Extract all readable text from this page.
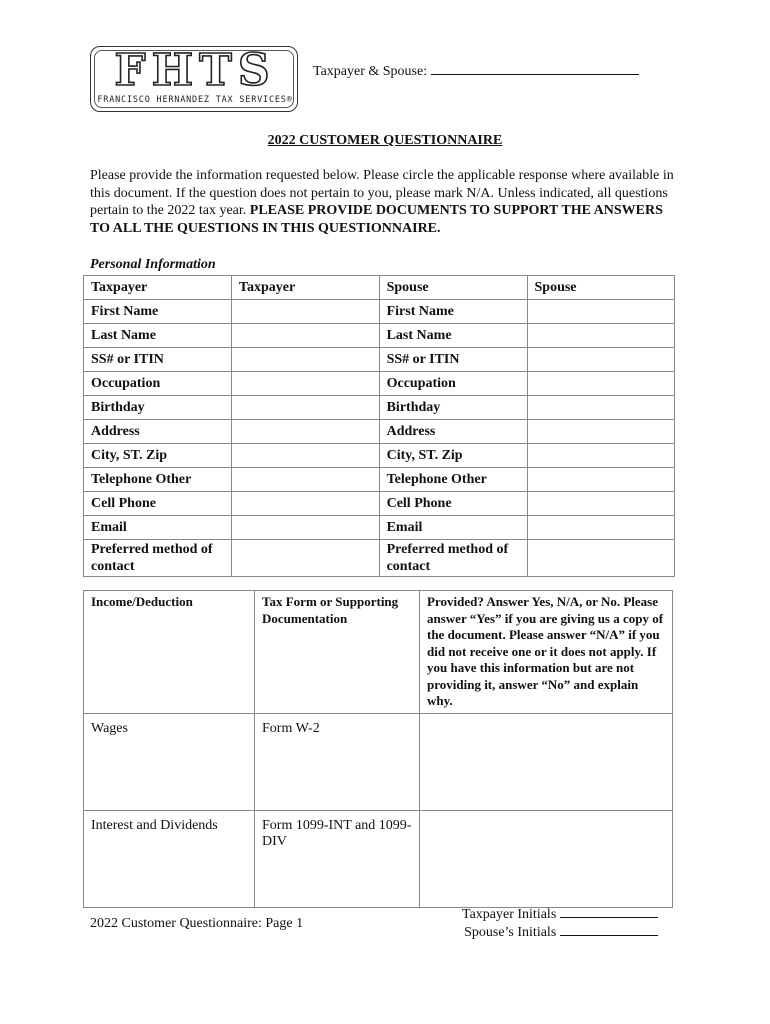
FHTS
FRANCISCO HERNANDEZ TAX SERVICES®
Taxpayer & Spouse:
2022 CUSTOMER QUESTIONNAIRE
Please provide the information requested below. Please circle the applicable response where available in this document. If the question does not pertain to you, please mark N/A. Unless indicated, all questions pertain to the 2022 tax year. PLEASE PROVIDE DOCUMENTS TO SUPPORT THE ANSWERS TO ALL THE QUESTIONS IN THIS QUESTIONNAIRE.
Personal Information
Taxpayer	Taxpayer	Spouse	Spouse
First Name		First Name	
Last Name		Last Name	
SS# or ITIN		SS# or ITIN	
Occupation		Occupation	
Birthday		Birthday	
Address		Address	
City, ST. Zip		City, ST. Zip	
Telephone Other		Telephone Other	
Cell Phone		Cell Phone	
Email		Email	
Preferred method of contact		Preferred method of contact	
Income/Deduction	Tax Form or Supporting Documentation	Provided? Answer Yes, N/A, or No. Please answer “Yes” if you are giving us a copy of the document. Please answer “N/A” if you did not receive one or it does not apply. If you have this information but are not providing it, answer “No” and explain why.
Wages	Form W-2	
Interest and Dividends	Form 1099-INT and 1099-DIV	
2022 Customer Questionnaire: Page 1
Taxpayer Initials
Spouse’s Initials
